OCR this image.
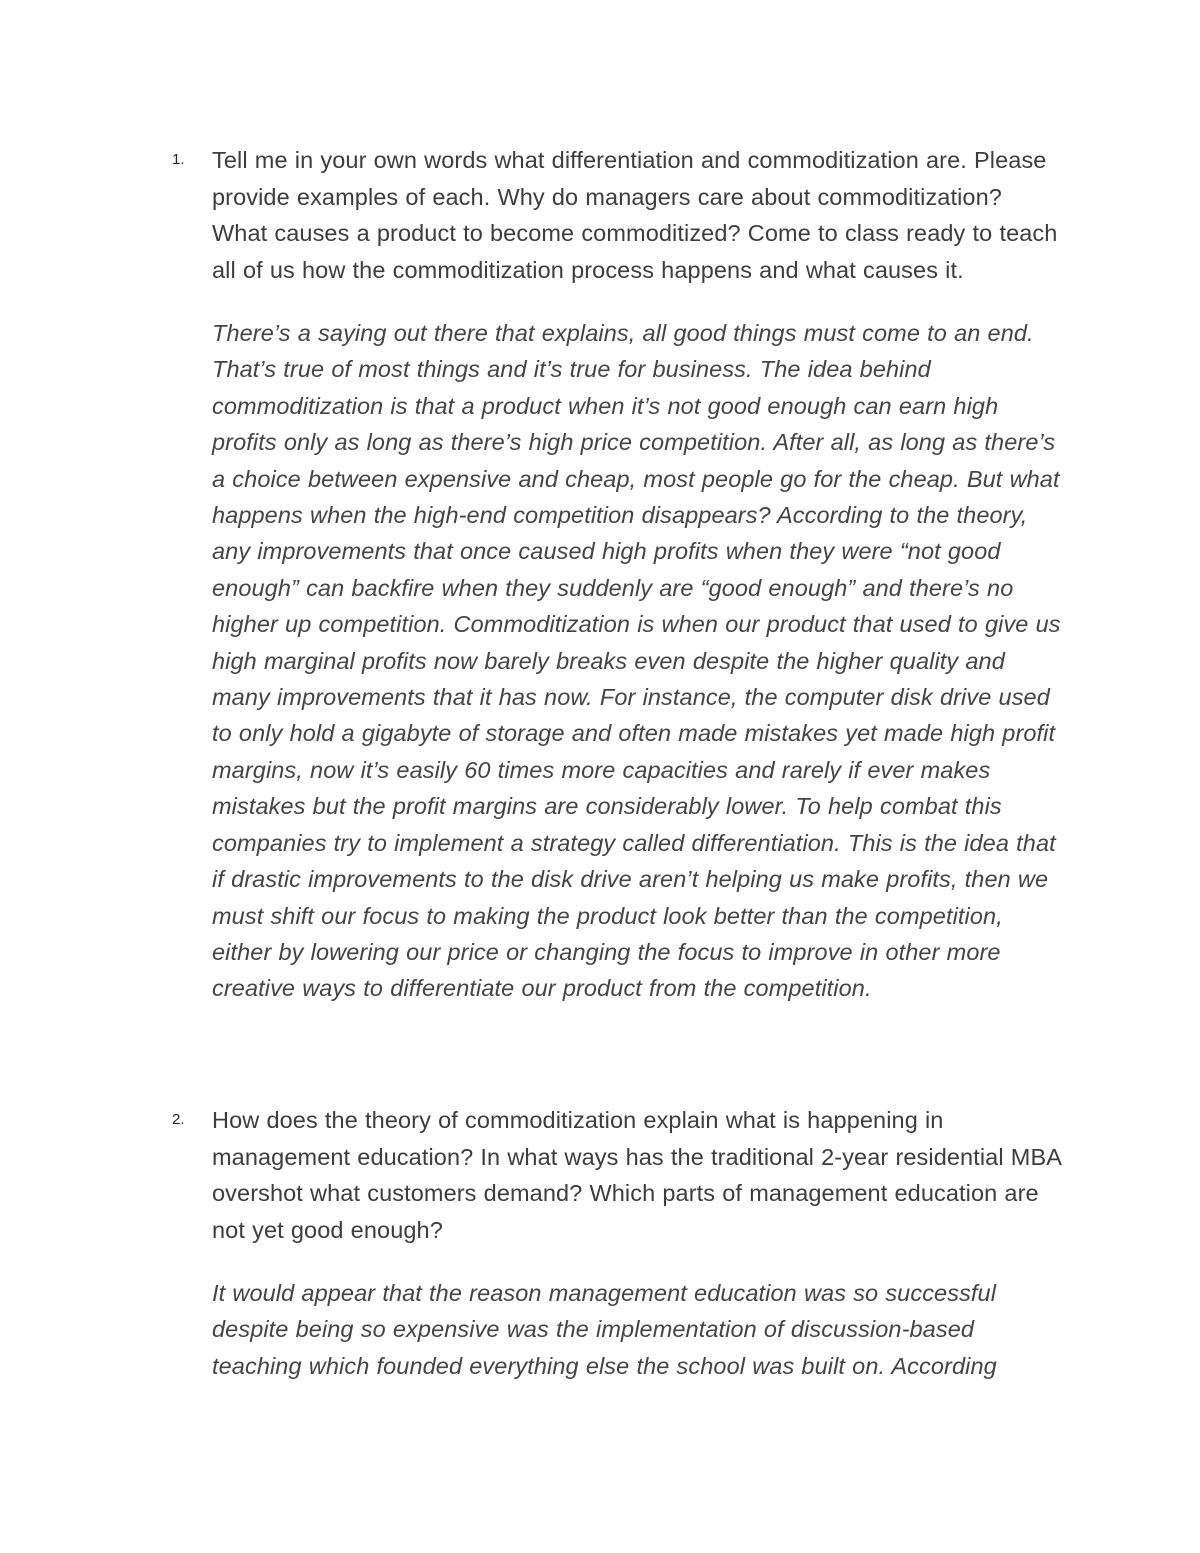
1.	Tell me in your own words what differentiation and commoditization are. Please provide examples of each. Why do managers care about commoditization? What causes a product to become commoditized? Come to class ready to teach all of us how the commoditization process happens and what causes it.

There’s a saying out there that explains, all good things must come to an end. That’s true of most things and it’s true for business. The idea behind commoditization is that a product when it’s not good enough can earn high profits only as long as there’s high price competition. After all, as long as there’s a choice between expensive and cheap, most people go for the cheap. But what happens when the high-end competition disappears? According to the theory, any improvements that once caused high profits when they were “not good enough” can backfire when they suddenly are “good enough” and there’s no higher up competition. Commoditization is when our product that used to give us high marginal profits now barely breaks even despite the higher quality and many improvements that it has now. For instance, the computer disk drive used to only hold a gigabyte of storage and often made mistakes yet made high profit margins, now it’s easily 60 times more capacities and rarely if ever makes mistakes but the profit margins are considerably lower. To help combat this companies try to implement a strategy called differentiation. This is the idea that if drastic improvements to the disk drive aren’t helping us make profits, then we must shift our focus to making the product look better than the competition, either by lowering our price or changing the focus to improve in other more creative ways to differentiate our product from the competition.

2.	How does the theory of commoditization explain what is happening in management education? In what ways has the traditional 2-year residential MBA overshot what customers demand? Which parts of management education are not yet good enough?

It would appear that the reason management education was so successful despite being so expensive was the implementation of discussion-based teaching which founded everything else the school was built on. According
